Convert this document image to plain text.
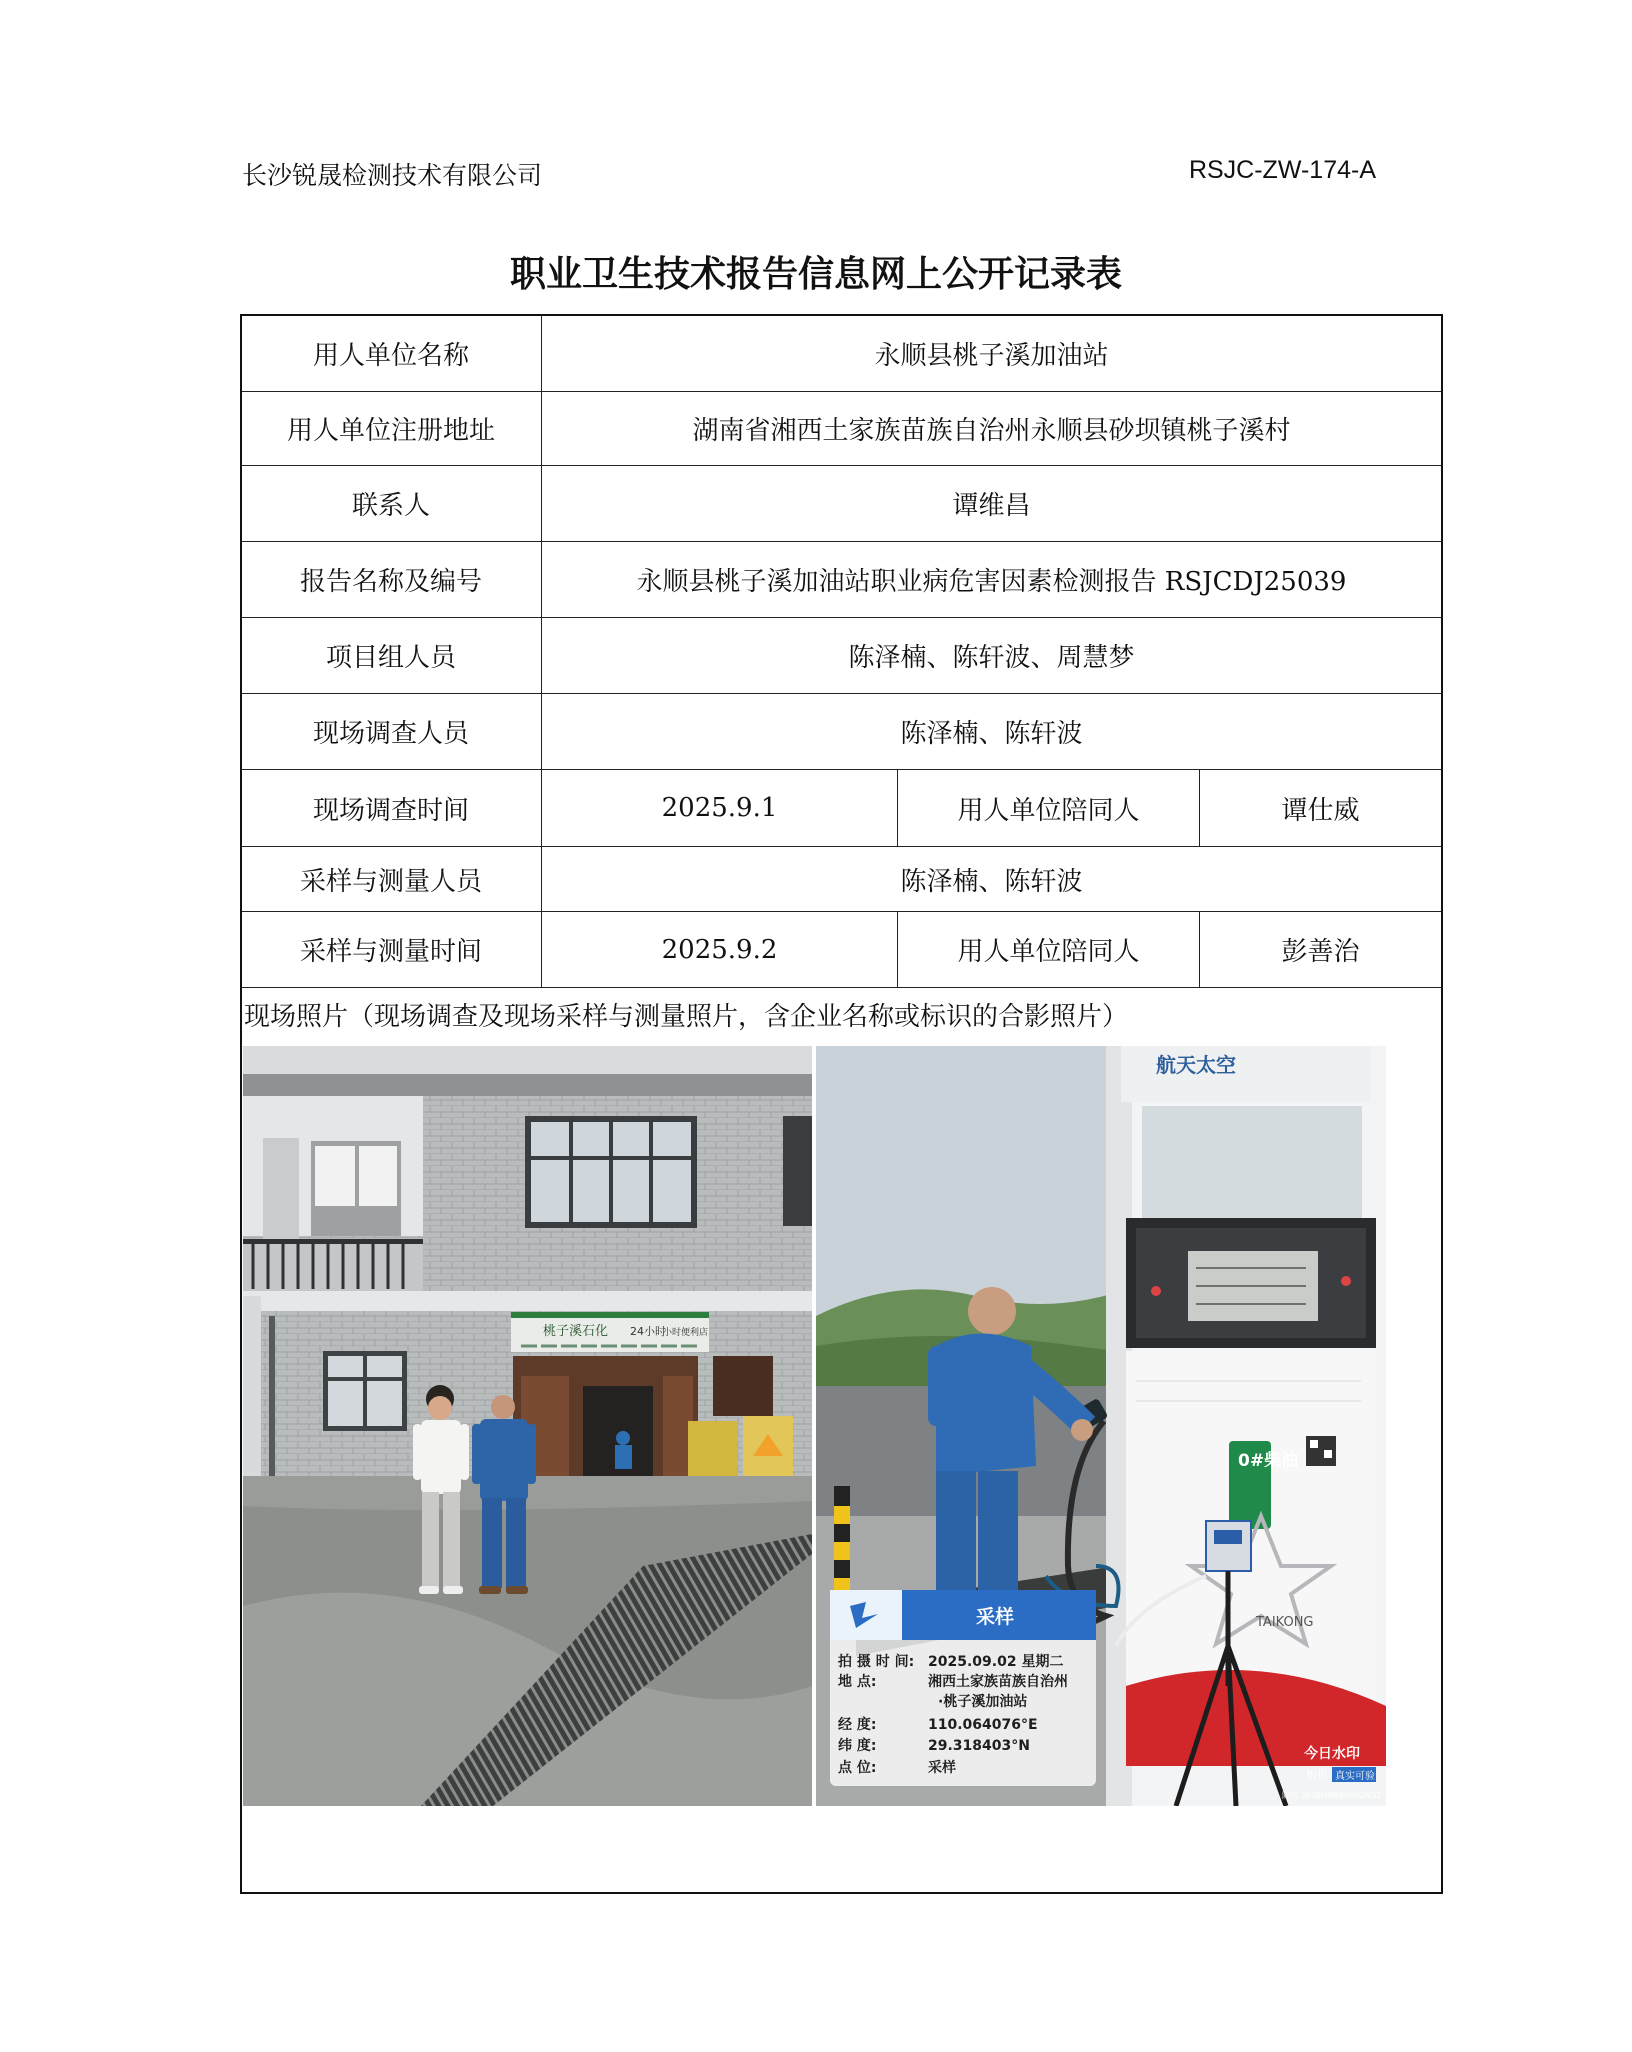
长沙锐晟检测技术有限公司	RSJC-ZW-174-A
职业卫生技术报告信息网上公开记录表
用人单位名称	永顺县桃子溪加油站		
用人单位注册地址	湖南省湘西土家族苗族自治州永顺县砂坝镇桃子溪村		
联系人	谭维昌		
报告名称及编号	永顺县桃子溪加油站职业病危害因素检测报告 RSJCDJ25039		
项目组人员	陈泽楠、陈轩波、周慧梦		
现场调查人员	陈泽楠、陈轩波		
现场调查时间	2025.9.1	用人单位陪同人	谭仕威
采样与测量人员	陈泽楠、陈轩波		
采样与测量时间	2025.9.2	用人单位陪同人	彭善治
现场照片（现场调查及现场采样与测量照片，含企业名称或标识的合影照片）
桃子溪石化 24小时
小时便利店
航天太空
0#柴油
TAIKONG
采样
拍 摄 时 间: 2025.09.02 星期二
地 点:	湘西土家族苗族自治州
·桃子溪加油站
经 度:	110.064076°E
纬 度:	29.318403°N
点 位:	采样
今日水印
相机 真实可验
防伪 362BHXN9W4GW32
